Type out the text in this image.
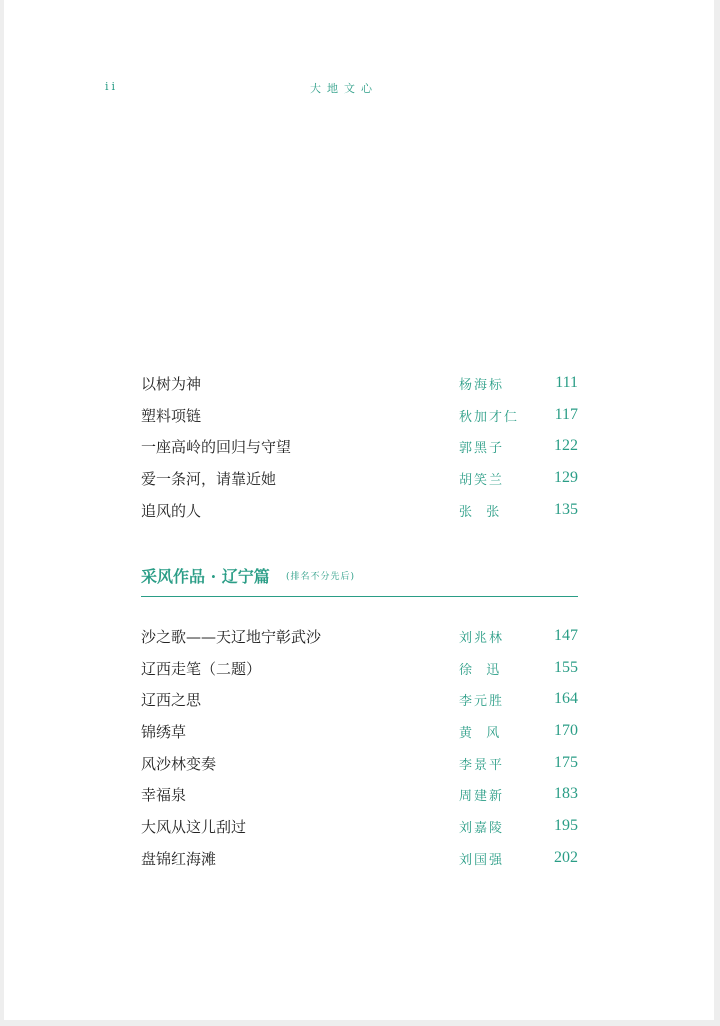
ii	大地文心
以树为神	杨海标	111
塑料项链	秋加才仁 117
一座高岭的回归与守望	郭黑子	122
爱一条河，请靠近她	胡笑兰	129
追风的人	张  张	135
采风作品 · 辽宁篇 (排名不分先后)
沙之歌——天辽地宁彰武沙	刘兆林	147
辽西走笔（二题）	徐  迅	155
辽西之思	李元胜	164
锦绣草	黄  风	170
风沙林变奏	李景平	175
幸福泉	周建新	183
大风从这儿刮过	刘嘉陵	195
盘锦红海滩	刘国强	202
